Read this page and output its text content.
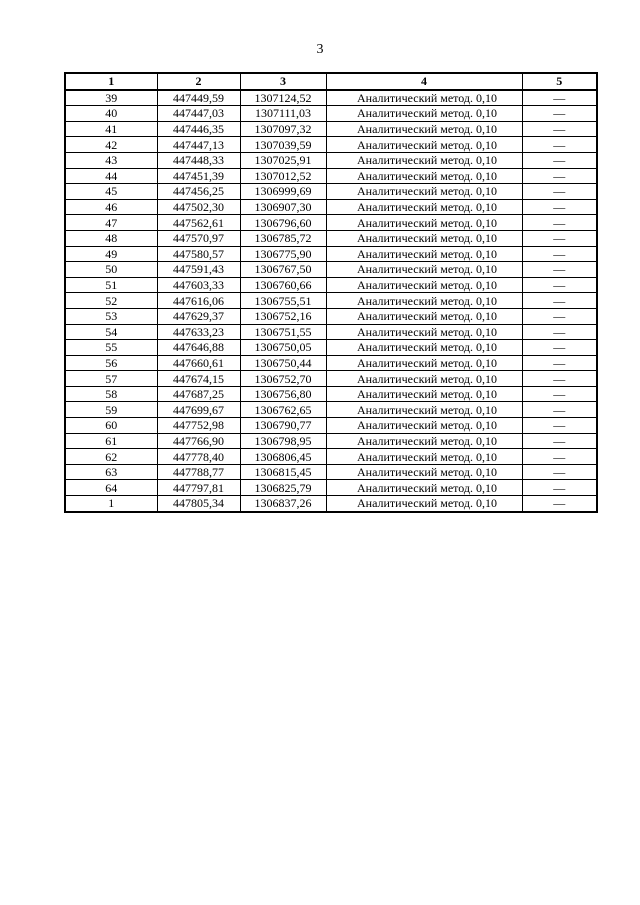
3
1	2	3	4	5
39	447449,59	1307124,52	Аналитический метод. 0,10	—
40	447447,03	1307111,03	Аналитический метод. 0,10	—
41	447446,35	1307097,32	Аналитический метод. 0,10	—
42	447447,13	1307039,59	Аналитический метод. 0,10	—
43	447448,33	1307025,91	Аналитический метод. 0,10	—
44	447451,39	1307012,52	Аналитический метод. 0,10	—
45	447456,25	1306999,69	Аналитический метод. 0,10	—
46	447502,30	1306907,30	Аналитический метод. 0,10	—
47	447562,61	1306796,60	Аналитический метод. 0,10	—
48	447570,97	1306785,72	Аналитический метод. 0,10	—
49	447580,57	1306775,90	Аналитический метод. 0,10	—
50	447591,43	1306767,50	Аналитический метод. 0,10	—
51	447603,33	1306760,66	Аналитический метод. 0,10	—
52	447616,06	1306755,51	Аналитический метод. 0,10	—
53	447629,37	1306752,16	Аналитический метод. 0,10	—
54	447633,23	1306751,55	Аналитический метод. 0,10	—
55	447646,88	1306750,05	Аналитический метод. 0,10	—
56	447660,61	1306750,44	Аналитический метод. 0,10	—
57	447674,15	1306752,70	Аналитический метод. 0,10	—
58	447687,25	1306756,80	Аналитический метод. 0,10	—
59	447699,67	1306762,65	Аналитический метод. 0,10	—
60	447752,98	1306790,77	Аналитический метод. 0,10	—
61	447766,90	1306798,95	Аналитический метод. 0,10	—
62	447778,40	1306806,45	Аналитический метод. 0,10	—
63	447788,77	1306815,45	Аналитический метод. 0,10	—
64	447797,81	1306825,79	Аналитический метод. 0,10	—
1	447805,34	1306837,26	Аналитический метод. 0,10	—
